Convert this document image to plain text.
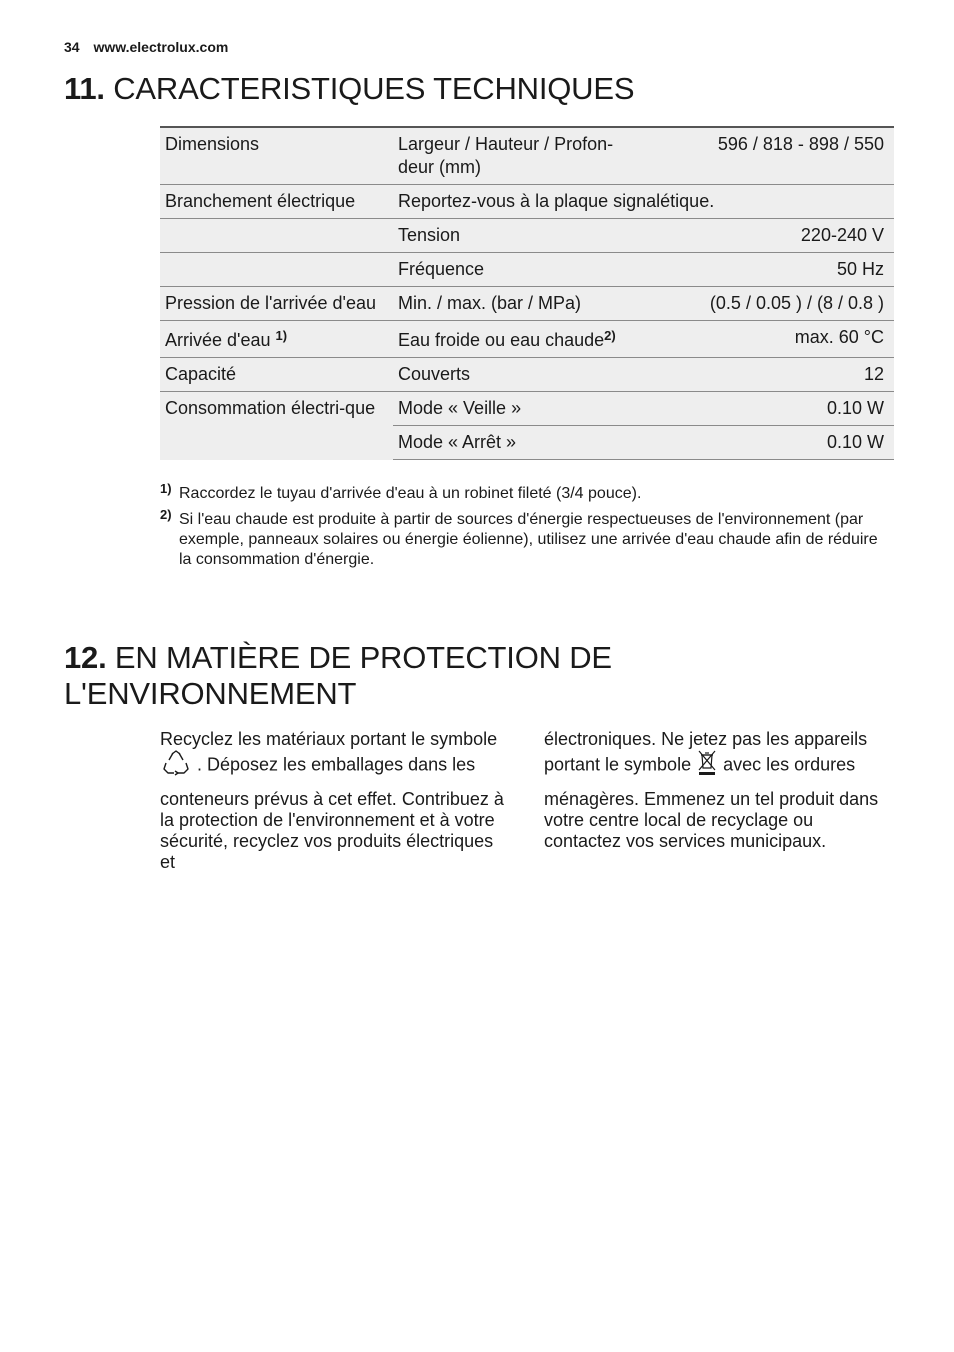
34 www.electrolux.com
11. CARACTERISTIQUES TECHNIQUES
Dimensions	Largeur / Hauteur / Profon-deur (mm)	596 / 818 - 898 / 550
Branchement électrique	Reportez-vous à la plaque signalétique.	
	Tension	220-240 V
	Fréquence	50 Hz
Pression de l'arrivée d'eau	Min. / max. (bar / MPa)	(0.5 / 0.05 ) / (8 / 0.8 )
Arrivée d'eau $^{1)}$	Eau froide ou eau chaude$^{2)}$	max. 60 °C
Capacité	Couverts	12
Consommation électri-que	Mode « Veille »	0.10 W
	Mode « Arrêt »	0.10 W
1) Raccordez le tuyau d'arrivée d'eau à un robinet fileté (3/4 pouce).
2) Si l'eau chaude est produite à partir de sources d'énergie respectueuses de l'environnement (par exemple, panneaux solaires ou énergie éolienne), utilisez une arrivée d'eau chaude afin de réduire la consommation d'énergie.
12. EN MATIÈRE DE PROTECTION DE L'ENVIRONNEMENT

Recyclez les matériaux portant le symbole  . Déposez les emballages dans les

conteneurs prévus à cet effet. Contribuez à la protection de l'environnement et à votre sécurité, recyclez vos produits électriques et

électroniques. Ne jetez pas les appareils portant le symbole avec les ordures

ménagères. Emmenez un tel produit dans votre centre local de recyclage ou contactez vos services municipaux.
